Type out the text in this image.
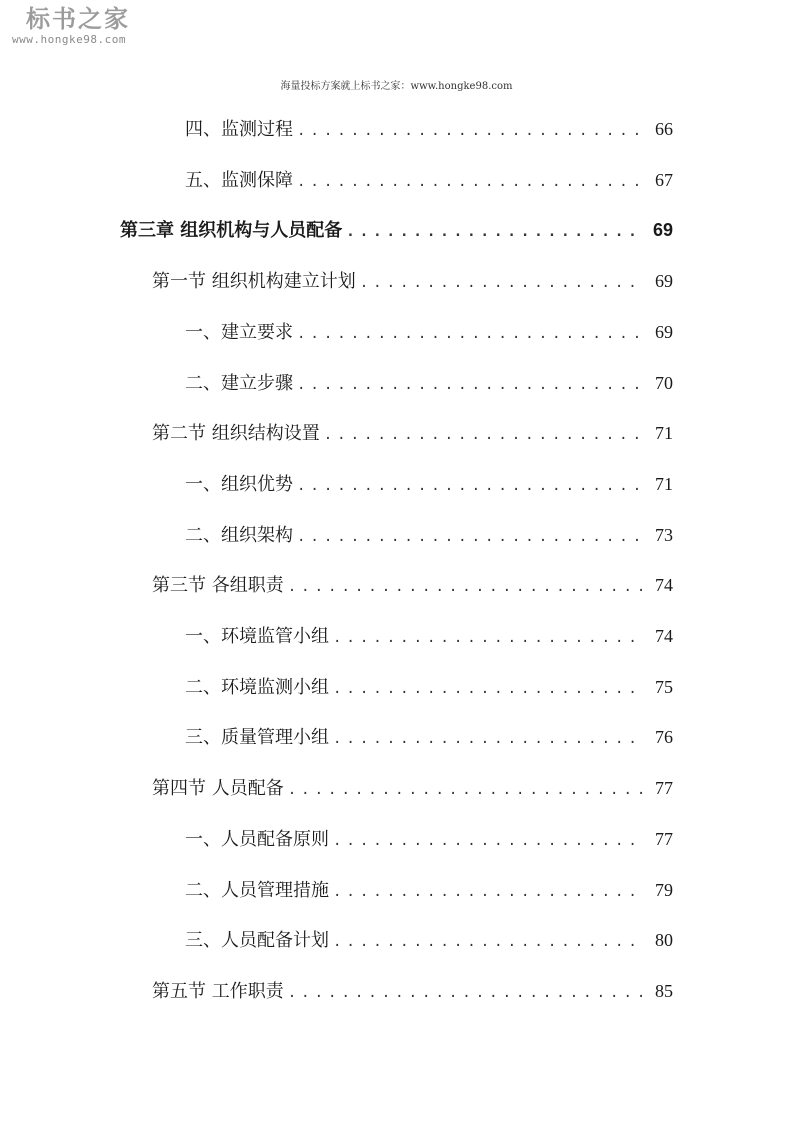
标书之家
www.hongke98.com
海量投标方案就上标书之家：www.hongke98.com
四、监测过程 .....	66
五、监测保障 .....	67
第三章 组织机构与人员配备 .....	69
第一节 组织机构建立计划 .....	69
一、建立要求 .....	69
二、建立步骤 .....	70
第二节 组织结构设置 .....	71
一、组织优势 .....	71
二、组织架构 .....	73
第三节 各组职责 .....	74
一、环境监管小组 .....	74
二、环境监测小组 .....	75
三、质量管理小组 .....	76
第四节 人员配备 .....	77
一、人员配备原则 .....	77
二、人员管理措施 .....	79
三、人员配备计划 .....	80
第五节 工作职责 .....	85
